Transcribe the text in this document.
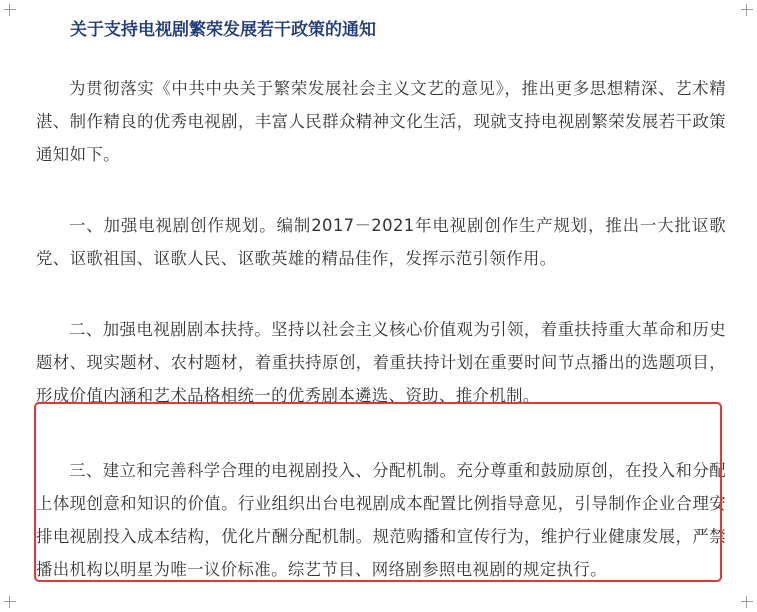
关于支持电视剧繁荣发展若干政策的通知

为贯彻落实《中共中央关于繁荣发展社会主义文艺的意见》，推出更多思想精深、艺术精湛、制作精良的优秀电视剧，丰富人民群众精神文化生活，现就支持电视剧繁荣发展若干政策通知如下。

一、加强电视剧创作规划。编制2017－2021年电视剧创作生产规划，推出一大批讴歌党、讴歌祖国、讴歌人民、讴歌英雄的精品佳作，发挥示范引领作用。

二、加强电视剧剧本扶持。坚持以社会主义核心价值观为引领，着重扶持重大革命和历史题材、现实题材、农村题材，着重扶持原创，着重扶持计划在重要时间节点播出的选题项目，形成价值内涵和艺术品格相统一的优秀剧本遴选、资助、推介机制。

三、建立和完善科学合理的电视剧投入、分配机制。充分尊重和鼓励原创，在投入和分配上体现创意和知识的价值。行业组织出台电视剧成本配置比例指导意见，引导制作企业合理安排电视剧投入成本结构，优化片酬分配机制。规范购播和宣传行为，维护行业健康发展，严禁播出机构以明星为唯一议价标准。综艺节目、网络剧参照电视剧的规定执行。
